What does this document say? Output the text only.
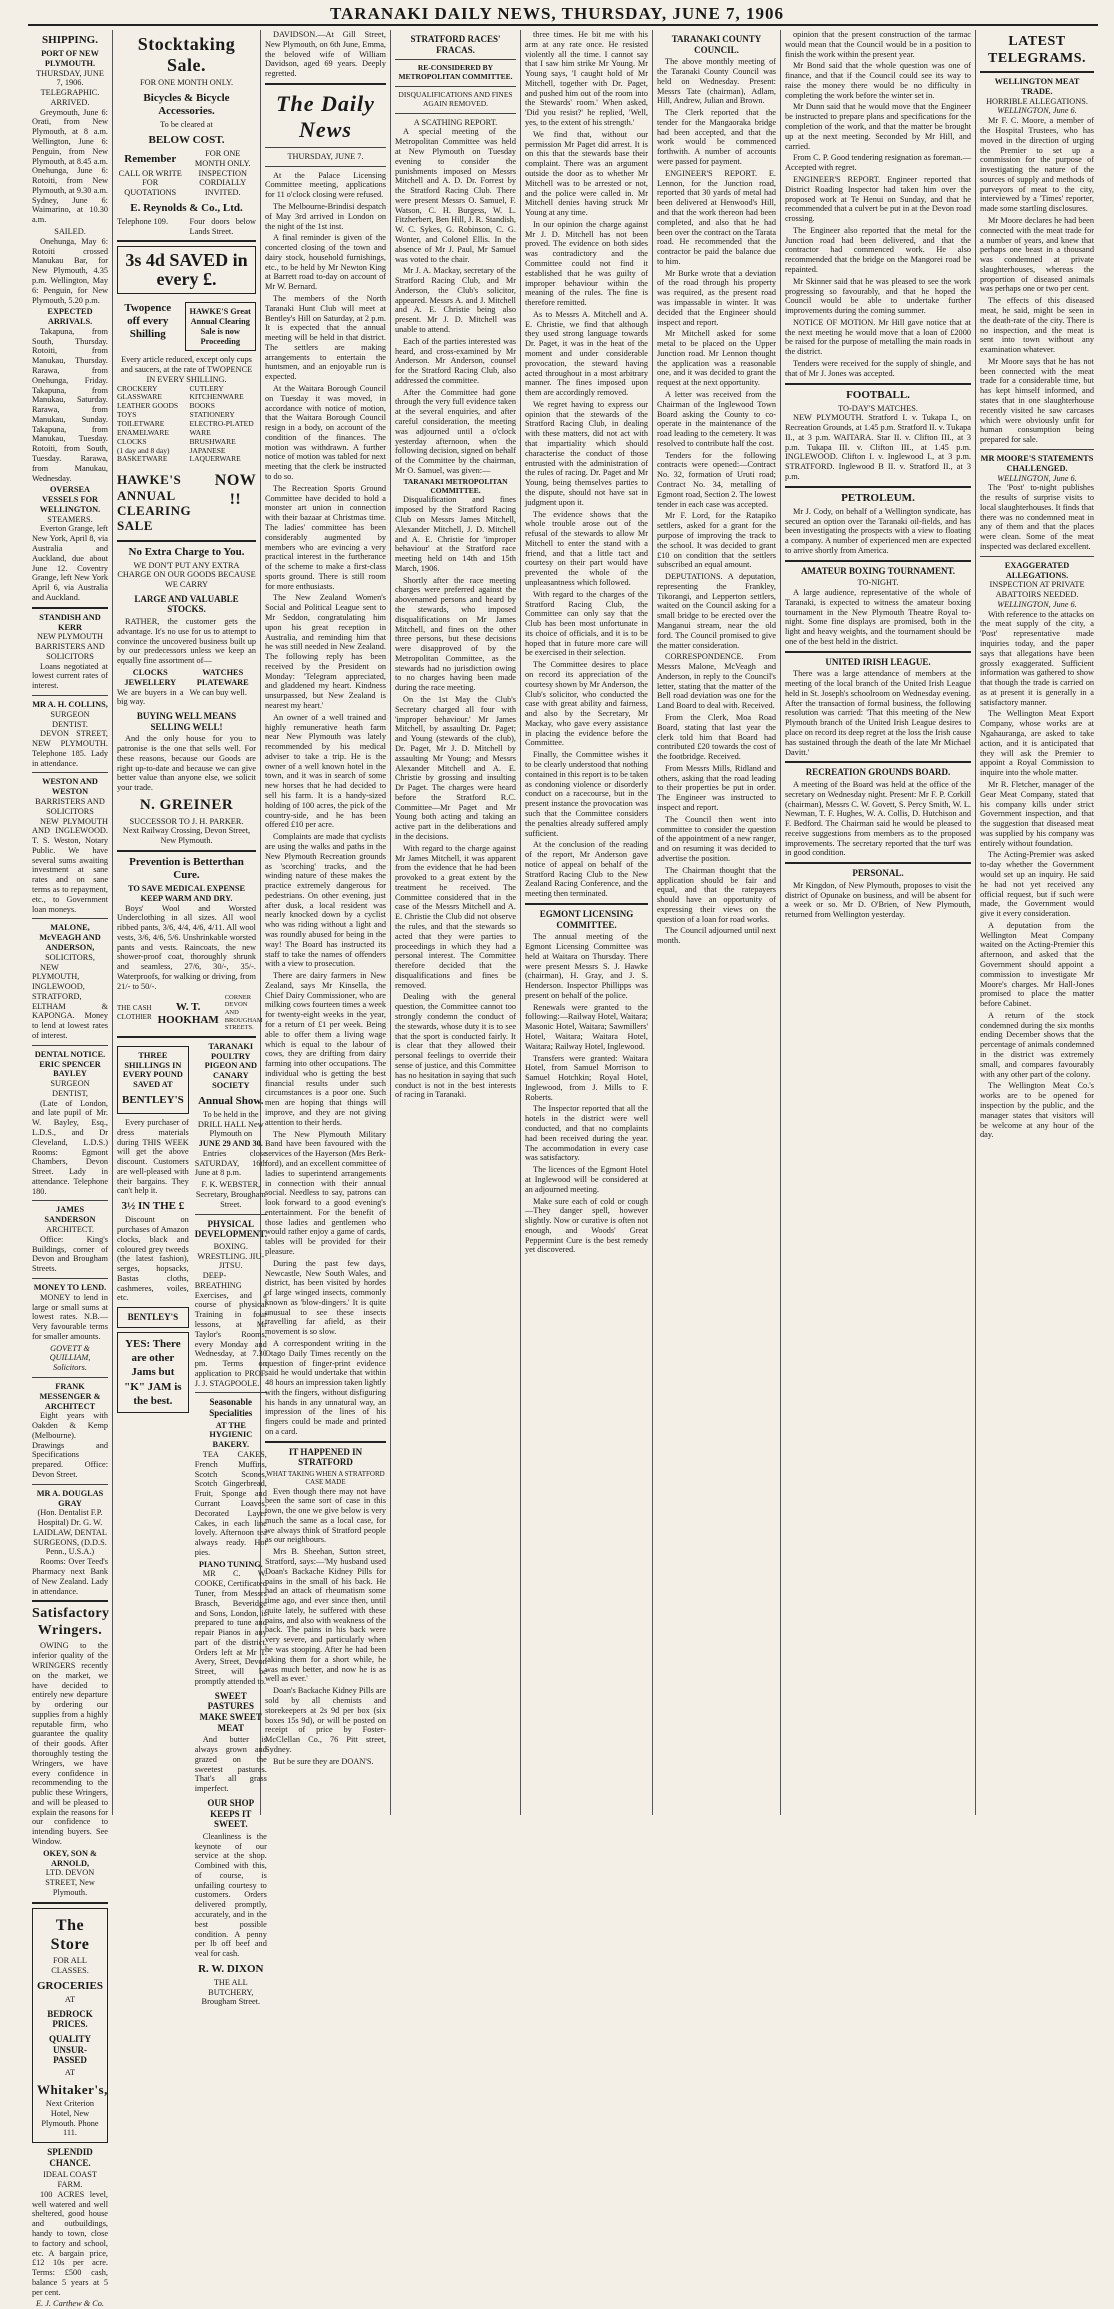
TARANAKI DAILY NEWS, THURSDAY, JUNE 7, 1906
SHIPPING.
PORT OF NEW PLYMOUTH.
THURSDAY, JUNE 7, 1906.
TELEGRAPHIC.
ARRIVED.

Greymouth, June 6: Orati, from New Plymouth, at 8 a.m. Wellington, June 6: Penguin, from New Plymouth, at 8.45 a.m. Onehunga, June 6: Rotoiti, from New Plymouth, at 9.30 a.m. Sydney, June 6: Waimarino, at 10.30 a.m.

SAILED.

Onehunga, May 6: Rotoiti crossed Manukau Bar, for New Plymouth, 4.35 p.m. Wellington, May 6: Penguin, for New Plymouth, 5.20 p.m.

EXPECTED ARRIVALS.

Takapuna, from South, Thursday. Rotoiti, from Manukau, Thursday. Rarawa, from Onehunga, Friday. Takapuna, from Manukau, Saturday. Rarawa, from Manukau, Sunday. Takapuna, from Manukau, Tuesday. Rotoiti, from South, Tuesday. Rarawa, from Manukau, Wednesday.

OVERSEA VESSELS FOR WELLINGTON.
STEAMERS.

Everton Grange, left New York, April 8, via Australia and Auckland, due about June 12. Coventry Grange, left New York April 6, via Australia and Auckland.

STANDISH AND KERR
NEW PLYMOUTH BARRISTERS AND SOLICITORS

Loans negotiated at lowest current rates of interest.

MR A. H. COLLINS,
SURGEON DENTIST.

DEVON STREET, NEW PLYMOUTH. Telephone 185. Lady in attendance.

WESTON AND WESTON
BARRISTERS AND SOLICITORS

NEW PLYMOUTH AND INGLEWOOD. T. S. Weston, Notary Public. We have several sums awaiting investment at sane rates and on sane terms as to repayment, etc., to Government loan moneys.

MALONE, McVEAGH AND ANDERSON,
SOLICITORS,

NEW PLYMOUTH, INGLEWOOD, STRATFORD, ELTHAM & KAPONGA. Money to lend at lowest rates of interest.

DENTAL NOTICE.
ERIC SPENCER BAYLEY
SURGEON DENTIST,

(Late of London, and late pupil of Mr. W. Bayley, Esq., L.D.S., and Dr Cleveland, L.D.S.) Rooms: Egmont Chambers, Devon Street. Lady in attendance. Telephone 180.

JAMES SANDERSON
ARCHITECT.

Office: King's Buildings, corner of Devon and Brougham Streets.

MONEY TO LEND.

MONEY to lend in large or small sums at lowest rates. N.B.—Very favourable terms for smaller amounts.

GOVETT & QUILLIAM, Solicitors.
FRANK MESSENGER & ARCHITECT

Eight years with Oakden & Kemp (Melbourne). Drawings and Specifications prepared. Office: Devon Street.

MR A. DOUGLAS GRAY
(Hon. Dentalist F.P. Hospital) Dr. G. W. LAIDLAW, DENTAL SURGEONS, (D.D.S. Penn., U.S.A.)

Rooms: Over Teed's Pharmacy next Bank of New Zealand. Lady in attendance.

Satisfactory Wringers.

OWING to the inferior quality of the WRINGERS recently on the market, we have decided to entirely new departure by ordering our supplies from a highly reputable firm, who guarantee the quality of their goods. After thoroughly testing the Wringers, we have every confidence in recommending to the public these Wringers, and will be pleased to explain the reasons for our confidence to intending buyers. See Window.

OKEY, SON & ARNOLD,
LTD. DEVON STREET, New Plymouth.
The Store
FOR ALL CLASSES.
GROCERIES
AT
BEDROCK PRICES.
QUALITY UNSUR-PASSED
AT
Whitaker's,
Next Criterion Hotel, New Plymouth. Phone 111.
SPLENDID CHANCE.
IDEAL COAST FARM.

100 ACRES level, well watered and well sheltered, good house and outbuildings, handy to town, close to factory and school, etc. A bargain price, £12 10s per acre. Terms: £500 cash, balance 5 years at 5 per cent.

E. J. Carthew & Co.
Stocktaking Sale.
FOR ONE MONTH ONLY.
Bicycles & Bicycle Accessories.
To be cleared at
BELOW COST.
Remember	FOR ONE MONTH ONLY.
CALL OR WRITE FOR QUOTATIONS
INSPECTION CORDIALLY INVITED.
E. Reynolds & Co., Ltd.
Telephone 109.	Four doors below Lands Street.
3s 4d SAVED in every £.
Twopence off every Shilling
HAWKE'S Great Annual Clearing Sale is now Proceeding
Every article reduced, except only cups and saucers, at the rate of TWOPENCE IN EVERY SHILLING.
CROCKERY
GLASSWARE
LEATHER GOODS
TOYS
TOILETWARE
ENAMELWARE
CLOCKS
(1 day and 8 day)
BASKETWARE
CUTLERY
KITCHENWARE
BOOKS
STATIONERY
ELECTRO-PLATED WARE
BRUSHWARE
JAPANESE
LAQUERWARE
HAWKE'S ANNUAL CLEARING SALE
NOW !!
No Extra Charge to You.
WE DON'T PUT ANY EXTRA CHARGE ON OUR GOODS BECAUSE WE CARRY
LARGE AND VALUABLE STOCKS.

RATHER, the customer gets the advantage. It's no use for us to attempt to convince the uncovered business built up by our predecessors unless we keep an equally fine assortment of—

CLOCKS	WATCHES
JEWELLERY	PLATEWARE
We are buyers in a big way.
We can buy well.
BUYING WELL MEANS SELLING WELL!

And the only house for you to patronise is the one that sells well. For these reasons, because our Goods are right up-to-date and because we can give better value than anyone else, we solicit your trade.

N. GREINER
SUCCESSOR TO J. H. PARKER.
Next Railway Crossing, Devon Street, New Plymouth.
Prevention is Betterthan Cure.
TO SAVE MEDICAL EXPENSE KEEP WARM AND DRY.

Boys' Wool and Worsted Underclothing in all sizes. All wool ribbed pants, 3/6, 4/4, 4/6, 4/11. All wool vests, 3/6, 4/6, 5/6. Unshrinkable worsted pants and vests. Raincoats, the new shower-proof coat, thoroughly shrunk and seamless, 27/6, 30/-, 35/-. Waterproofs, for walking or driving, from 21/- to 50/-.

THE CASH CLOTHIER
W. T. HOOKHAM
CORNER DEVON AND BROUGHAM STREETS.
THREE SHILLINGS IN EVERY POUND SAVED AT
BENTLEY'S

Every purchaser of dress materials during THIS WEEK will get the above discount. Customers are well-pleased with their bargains. They can't help it.

3½ IN THE £

Discount on purchases of Amazon clocks, black and coloured grey tweeds (the latest fashion), serges, hopsacks, Bastas cloths, cashmeres, voiles, etc.

BENTLEY'S
YES: There are other Jams but "K" JAM is the best.
TARANAKI POULTRY PIGEON AND CANARY SOCIETY
Annual Show.
To be held in the DRILL HALL New Plymouth on
JUNE 29 AND 30.

Entries close SATURDAY, 16th June at 8 p.m.

F. K. WEBSTER, Secretary, Brougham Street.
PHYSICAL DEVELOPMENT.
BOXING. WRESTLING. JIU-JITSU.

DEEP-BREATHING Exercises, and a course of physical Training in four lessons, at Mr Taylor's Rooms, every Monday and Wednesday, at 7.30 pm. Terms on application to PROF. J. J. STAGPOOLE.

Seasonable Specialities
AT THE HYGIENIC BAKERY.

TEA CAKES, French Muffins, Scotch Scones, Scotch Gingerbread, Fruit, Sponge and Currant Loaves, Decorated Layer Cakes, in each line lovely. Afternoon tea always ready. Hot pies.

PIANO TUNING.

MR C. W. COOKE, Certificated Tuner, from Messrs Brasch, Beveridge and Sons, London, is prepared to tune and repair Pianos in any part of the district. Orders left at Mr T. Avery, Street, Devon Street, will be promptly attended to.

SWEET PASTURES MAKE SWEET MEAT

And butter is always grown and grazed on the sweetest pastures. That's all grass imperfect.

OUR SHOP KEEPS IT SWEET.

Cleanliness is the keynote of our service at the shop. Combined with this, of course, is unfailing courtesy to customers. Orders delivered promptly, accurately, and in the best possible condition. A penny per lb off beef and veal for cash.

R. W. DIXON
THE ALL BUTCHERY, Brougham Street.

DAVIDSON.—At Gill Street, New Plymouth, on 6th June, Emma, the beloved wife of William Davidson, aged 69 years. Deeply regretted.

The Daily News
THURSDAY, JUNE 7.

At the Palace Licensing Committee meeting, applications for 11 o'clock closing were refused.

The Melbourne-Brindisi despatch of May 3rd arrived in London on the night of the 1st inst.

A final reminder is given of the concerted closing of the town and dairy stock, household furnishings, etc., to be held by Mr Newton King at Barrett road to-day on account of Mr W. Bernard.

The members of the North Taranaki Hunt Club will meet at Bentley's Hill on Saturday, at 2 p.m. It is expected that the annual meeting will be held in that district. The settlers are making arrangements to entertain the huntsmen, and an enjoyable run is expected.

At the Waitara Borough Council on Tuesday it was moved, in accordance with notice of motion, that the Waitara Borough Council resign in a body, on account of the condition of the finances. The motion was withdrawn. A further notice of motion was tabled for next meeting that the clerk be instructed to do so.

The Recreation Sports Ground Committee have decided to hold a monster art union in connection with their bazaar at Christmas time. The ladies' committee has been considerably augmented by members who are evincing a very practical interest in the furtherance of the scheme to make a first-class sports ground. There is still room for more enthusiasts.

The New Zealand Women's Social and Political League sent to Mr Seddon, congratulating him upon his great reception in Australia, and reminding him that he was still needed in New Zealand. The following reply has been received by the President on Monday: 'Telegram appreciated, and gladdened my heart. Kindness unsurpassed, but New Zealand is nearest my heart.'

An owner of a well trained and highly remunerative heath farm near New Plymouth was lately recommended by his medical adviser to take a trip. He is the owner of a well known hotel in the town, and it was in search of some new horses that he had decided to sell his farm. It is a handy-sized holding of 100 acres, the pick of the country-side, and he has been offered £10 per acre.

Complaints are made that cyclists are using the walks and paths in the New Plymouth Recreation grounds as 'scorching' tracks, and the winding nature of these makes the practice extremely dangerous for pedestrians. On other evening, just after dusk, a local resident was nearly knocked down by a cyclist who was riding without a light and was roundly abused for being in the way! The Board has instructed its staff to take the names of offenders with a view to prosecution.

There are dairy farmers in New Zealand, says Mr Kinsella, the Chief Dairy Commissioner, who are milking cows fourteen times a week for twenty-eight weeks in the year, for a return of £1 per week. Being able to offer them a living wage which is equal to the labour of cows, they are drifting from dairy farming into other occupations. The individual who is getting the best financial results under such circumstances is a poor one. Such men are hoping that things will improve, and they are not giving attention to their herds.

The New Plymouth Military Band have been favoured with the services of the Hayerson (Mrs Berk-ford), and an excellent committee of ladies to superintend arrangements in connection with their annual social. Needless to say, patrons can look forward to a good evening's entertainment. For the benefit of those ladies and gentlemen who would rather enjoy a game of cards, tables will be provided for their pleasure.

During the past few days, Newcastle, New South Wales, and district, has been visited by hordes of large winged insects, commonly known as 'blow-dingers.' It is quite unusual to see these insects travelling far afield, as their movement is so slow.

A correspondent writing in the Otago Daily Times recently on the question of finger-print evidence said he would undertake that within 48 hours an impression taken lightly with the fingers, without disfiguring his hands in any unnatural way, an impression of the lines of his fingers could be made and printed on a card.

IT HAPPENED IN STRATFORD
WHAT TAKING WHEN A STRATFORD CASE MADE

Even though there may not have been the same sort of case in this town, the one we give below is very much the same as a local case, for we always think of Stratford people as our neighbours.

Mrs B. Sheehan, Sutton street, Stratford, says:—'My husband used Doan's Backache Kidney Pills for pains in the small of his back. He had an attack of rheumatism some time ago, and ever since then, until quite lately, he suffered with these pains, and also with weakness of the back. The pains in his back were very severe, and particularly when he was stooping. After he had been taking them for a short while, he was much better, and now he is as well as ever.'

Doan's Backache Kidney Pills are sold by all chemists and storekeepers at 2s 9d per box (six boxes 15s 9d), or will be posted on receipt of price by Foster-McClellan Co., 76 Pitt street, Sydney.

But be sure they are DOAN'S.

STRATFORD RACES' FRACAS.
RE-CONSIDERED BY METROPOLITAN COMMITTEE.
DISQUALIFICATIONS AND FINES AGAIN REMOVED.
A SCATHING REPORT.

A special meeting of the Metropolitan Committee was held at New Plymouth on Tuesday evening to consider the punishments imposed on Messrs Mitchell and A. D. Dr. Forrest by the Stratford Racing Club. There were present Messrs O. Samuel, F. Watson, C. H. Burgess, W. L. Fitzherbert, Ben Hill, J. R. Standish, W. C. Sykes, G. Robinson, C. G. Wonter, and Colonel Ellis. In the absence of Mr J. Paul, Mr Samuel was voted to the chair.

Mr J. A. Mackay, secretary of the Stratford Racing Club, and Mr Anderson, the Club's solicitor, appeared. Messrs A. and J. Mitchell and A. E. Christie being also present. Mr J. D. Mitchell was unable to attend.

Each of the parties interested was heard, and cross-examined by Mr Anderson. Mr Anderson, counsel for the Stratford Racing Club, also addressed the committee.

After the Committee had gone through the very full evidence taken at the several enquiries, and after careful consideration, the meeting was adjourned until a o'clock yesterday afternoon, when the following decision, signed on behalf of the Committee by the chairman, Mr O. Samuel, was given:—

TARANAKI METROPOLITAN COMMITTEE.

Disqualification and fines imposed by the Stratford Racing Club on Messrs James Mitchell, Alexander Mitchell, J. D. Mitchell and A. E. Christie for 'improper behaviour' at the Stratford race meeting held on 14th and 15th March, 1906.

Shortly after the race meeting charges were preferred against the abovenamed persons and heard by the stewards, who imposed disqualifications on Mr James Mitchell, and fines on the other three persons, but these decisions were disapproved of by the Metropolitan Committee, as the stewards had no jurisdiction owing to no charges having been made during the race meeting.

On the 1st May the Club's Secretary charged all four with 'improper behaviour.' Mr James Mitchell, by assaulting Dr. Paget; and Young (stewards of the club), Dr. Paget, Mr J. D. Mitchell by assaulting Mr Young; and Messrs Alexander Mitchell and A. E. Christie by grossing and insulting Dr Paget. The charges were heard before the Stratford R.C. Committee—Mr Paget and Mr Young both acting and taking an active part in the deliberations and in the decisions.

With regard to the charge against Mr James Mitchell, it was apparent from the evidence that he had been provoked to a great extent by the treatment he received. The Committee considered that in the case of the Messrs Mitchell and A. E. Christie the Club did not observe the rules, and that the stewards so acted that they were parties to proceedings in which they had a personal interest. The Committee therefore decided that the disqualifications and fines be removed.

Dealing with the general question, the Committee cannot too strongly condemn the conduct of the stewards, whose duty it is to see that the sport is conducted fairly. It is clear that they allowed their personal feelings to override their sense of justice, and this Committee has no hesitation in saying that such conduct is not in the best interests of racing in Taranaki.

three times. He bit me with his arm at any rate once. He resisted violently all the time. I cannot say that I saw him strike Mr Young. Mr Young says, 'I caught hold of Mr Mitchell, together with Dr. Paget, and pushed him out of the room into the Stewards' room.' When asked, 'Did you resist?' he replied, 'Well, yes, to the extent of his strength.'

We find that, without our permission Mr Paget did arrest. It is on this that the stewards base their complaint. There was an argument outside the door as to whether Mr Mitchell was to be arrested or not, and the police were called in. Mr Mitchell denies having struck Mr Young at any time.

In our opinion the charge against Mr J. D. Mitchell has not been proved. The evidence on both sides was contradictory and the Committee could not find it established that he was guilty of improper behaviour within the meaning of the rules. The fine is therefore remitted.

As to Messrs A. Mitchell and A. E. Christie, we find that although they used strong language towards Dr. Paget, it was in the heat of the moment and under considerable provocation, the steward having acted throughout in a most arbitrary manner. The fines imposed upon them are accordingly removed.

We regret having to express our opinion that the stewards of the Stratford Racing Club, in dealing with these matters, did not act with that impartiality which should characterise the conduct of those entrusted with the administration of the rules of racing. Dr. Paget and Mr Young, being themselves parties to the dispute, should not have sat in judgment upon it.

The evidence shows that the whole trouble arose out of the refusal of the stewards to allow Mr Mitchell to enter the stand with a friend, and that a little tact and courtesy on their part would have prevented the whole of the unpleasantness which followed.

With regard to the charges of the Stratford Racing Club, the Committee can only say that the Club has been most unfortunate in its choice of officials, and it is to be hoped that in future more care will be exercised in their selection.

The Committee desires to place on record its appreciation of the courtesy shown by Mr Anderson, the Club's solicitor, who conducted the case with great ability and fairness, and also by the Secretary, Mr Mackay, who gave every assistance in placing the evidence before the Committee.

Finally, the Committee wishes it to be clearly understood that nothing contained in this report is to be taken as condoning violence or disorderly conduct on a racecourse, but in the present instance the provocation was such that the Committee considers the penalties already suffered amply sufficient.

At the conclusion of the reading of the report, Mr Anderson gave notice of appeal on behalf of the Stratford Racing Club to the New Zealand Racing Conference, and the meeting then terminated.

EGMONT LICENSING COMMITTEE.

The annual meeting of the Egmont Licensing Committee was held at Waitara on Thursday. There were present Messrs S. J. Hawke (chairman), H. Gray, and J. S. Henderson. Inspector Phillipps was present on behalf of the police.

Renewals were granted to the following:—Railway Hotel, Waitara; Masonic Hotel, Waitara; Sawmillers' Hotel, Waitara; Waitara Hotel, Waitara; Railway Hotel, Inglewood.

Transfers were granted: Waitara Hotel, from Samuel Morrison to Samuel Hotchkin; Royal Hotel, Inglewood, from J. Mills to F. Roberts.

The Inspector reported that all the hotels in the district were well conducted, and that no complaints had been received during the year. The accommodation in every case was satisfactory.

The licences of the Egmont Hotel at Inglewood will be considered at an adjourned meeting.

Make sure each of cold or cough—They danger spell, however slightly. Now or curative is often not enough, and Woods' Great Peppermint Cure is the best remedy yet discovered.

TARANAKI COUNTY COUNCIL.

The above monthly meeting of the Taranaki County Council was held on Wednesday. Present: Messrs Tate (chairman), Adlam, Hill, Andrew, Julian and Brown.

The Clerk reported that the tender for the Mangaoraka bridge had been accepted, and that the work would be commenced forthwith. A number of accounts were passed for payment.

ENGINEER'S REPORT. E. Lennon, for the Junction road, reported that 30 yards of metal had been delivered at Henwood's Hill, and that the work thereon had been completed, and also that he had been over the contract on the Tarata road. He recommended that the contractor be paid the balance due to him.

Mr Burke wrote that a deviation of the road through his property was required, as the present road was impassable in winter. It was decided that the Engineer should inspect and report.

Mr Mitchell asked for some metal to be placed on the Upper Junction road. Mr Lennon thought the application was a reasonable one, and it was decided to grant the request at the next opportunity.

A letter was received from the Chairman of the Inglewood Town Board asking the County to co-operate in the maintenance of the road leading to the cemetery. It was resolved to contribute half the cost.

Tenders for the following contracts were opened:—Contract No. 32, formation of Uruti road; Contract No. 34, metalling of Egmont road, Section 2. The lowest tender in each case was accepted.

Mr F. Lord, for the Ratapiko settlers, asked for a grant for the purpose of improving the track to the school. It was decided to grant £10 on condition that the settlers subscribed an equal amount.

DEPUTATIONS. A deputation, representing the Frankley, Tikorangi, and Lepperton settlers, waited on the Council asking for a small bridge to be erected over the Manganui stream, near the old ford. The Council promised to give the matter consideration.

CORRESPONDENCE. From Messrs Malone, McVeagh and Anderson, in reply to the Council's letter, stating that the matter of the Bell road deviation was one for the Land Board to deal with. Received.

From the Clerk, Moa Road Board, stating that last year the clerk told him that Board had contributed £20 towards the cost of the footbridge. Received.

From Messrs Mills, Ridland and others, asking that the road leading to their properties be put in order. The Engineer was instructed to inspect and report.

The Council then went into committee to consider the question of the appointment of a new ranger, and on resuming it was decided to advertise the position.

The Chairman thought that the application should be fair and equal, and that the ratepayers should have an opportunity of expressing their views on the question of a loan for road works.

The Council adjourned until next month.

opinion that the present construction of the tarmac would mean that the Council would be in a position to finish the work within the present year.

Mr Bond said that the whole question was one of finance, and that if the Council could see its way to raise the money there would be no difficulty in completing the work before the winter set in.

Mr Dunn said that he would move that the Engineer be instructed to prepare plans and specifications for the completion of the work, and that the matter be brought up at the next meeting. Seconded by Mr Hill, and carried.

From C. P. Good tendering resignation as foreman.—Accepted with regret.

ENGINEER'S REPORT. Engineer reported that District Roading Inspector had taken him over the proposed work at Te Henui on Sunday, and that he recommended that a culvert be put in at the Devon road crossing.

The Engineer also reported that the metal for the Junction road had been delivered, and that the contractor had commenced work. He also recommended that the bridge on the Mangorei road be repainted.

Mr Skinner said that he was pleased to see the work progressing so favourably, and that he hoped the Council would be able to undertake further improvements during the coming summer.

NOTICE OF MOTION. Mr Hill gave notice that at the next meeting he would move that a loan of £2000 be raised for the purpose of metalling the main roads in the district.

Tenders were received for the supply of shingle, and that of Mr J. Jones was accepted.

FOOTBALL.
TO-DAY'S MATCHES.

NEW PLYMOUTH. Stratford I. v. Tukapa I., on Recreation Grounds, at 1.45 p.m. Stratford II. v. Tukapa II., at 3 p.m. WAITARA. Star II. v. Clifton III., at 3 p.m. Tukapa III. v. Clifton III., at 1.45 p.m. INGLEWOOD. Clifton I. v. Inglewood I., at 3 p.m. STRATFORD. Inglewood B II. v. Stratford II., at 3 p.m.

PETROLEUM.

Mr J. Cody, on behalf of a Wellington syndicate, has secured an option over the Taranaki oil-fields, and has been investigating the prospects with a view to floating a company. A number of experienced men are expected to arrive shortly from America.

AMATEUR BOXING TOURNAMENT.
TO-NIGHT.

A large audience, representative of the whole of Taranaki, is expected to witness the amateur boxing tournament in the New Plymouth Theatre Royal to-night. Some fine displays are promised, both in the light and heavy weights, and the tournament should be one of the best held in the district.

UNITED IRISH LEAGUE.

There was a large attendance of members at the meeting of the local branch of the United Irish League held in St. Joseph's schoolroom on Wednesday evening. After the transaction of formal business, the following resolution was carried: 'That this meeting of the New Plymouth branch of the United Irish League desires to place on record its deep regret at the loss the Irish cause has sustained through the death of the late Mr Michael Davitt.'

RECREATION GROUNDS BOARD.

A meeting of the Board was held at the office of the secretary on Wednesday night. Present: Mr F. P. Corkill (chairman), Messrs C. W. Govett, S. Percy Smith, W. L. Newman, T. F. Hughes, W. A. Collis, D. Hutchison and F. Bedford. The Chairman said he would be pleased to receive suggestions from members as to the proposed improvements. The secretary reported that the turf was in good condition.

PERSONAL.

Mr Kingdon, of New Plymouth, proposes to visit the district of Opunake on business, and will be absent for a week or so. Mr D. O'Brien, of New Plymouth, returned from Wellington yesterday.

LATEST TELEGRAMS.
WELLINGTON MEAT TRADE.
HORRIBLE ALLEGATIONS.
WELLINGTON, June 6.

Mr F. C. Moore, a member of the Hospital Trustees, who has moved in the direction of urging the Premier to set up a commission for the purpose of investigating the nature of the sources of supply and methods of purveyors of meat to the city, interviewed by a 'Times' reporter, made some startling disclosures.

Mr Moore declares he had been connected with the meat trade for a number of years, and knew that perhaps one beast in a thousand was condemned at private slaughterhouses, whereas the proportion of diseased animals was perhaps one or two per cent.

The effects of this diseased meat, he said, might be seen in the death-rate of the city. There is no inspection, and the meat is sent into town without any examination whatever.

Mr Moore says that he has not been connected with the meat trade for a considerable time, but has kept himself informed, and states that in one slaughterhouse recently visited he saw carcases which were obviously unfit for human consumption being prepared for sale.

MR MOORE'S STATEMENTS CHALLENGED.
WELLINGTON, June 6.

The 'Post' to-night publishes the results of surprise visits to local slaughterhouses. It finds that there was no condemned meat in any of them and that the places were clean. Some of the meat inspected was declared excellent.

EXAGGERATED ALLEGATIONS.
INSPECTION AT PRIVATE ABATTOIRS NEEDED.
WELLINGTON, June 6.

With reference to the attacks on the meat supply of the city, a 'Post' representative made inquiries today, and the paper says that allegations have been grossly exaggerated. Sufficient information was gathered to show that though the trade is carried on as at present it is generally in a satisfactory manner.

The Wellington Meat Export Company, whose works are at Ngahauranga, are asked to take action, and it is anticipated that they will ask the Premier to appoint a Royal Commission to inquire into the whole matter.

Mr R. Fletcher, manager of the Gear Meat Company, stated that his company kills under strict Government inspection, and that the suggestion that diseased meat was supplied by his company was entirely without foundation.

The Acting-Premier was asked to-day whether the Government would set up an inquiry. He said he had not yet received any official request, but if such were made, the Government would give it every consideration.

A deputation from the Wellington Meat Company waited on the Acting-Premier this afternoon, and asked that the Government should appoint a commission to investigate Mr Moore's charges. Mr Hall-Jones promised to place the matter before Cabinet.

A return of the stock condemned during the six months ending December shows that the percentage of animals condemned in the district was extremely small, and compares favourably with any other part of the colony.

The Wellington Meat Co.'s works are to be opened for inspection by the public, and the manager states that visitors will be welcome at any hour of the day.
